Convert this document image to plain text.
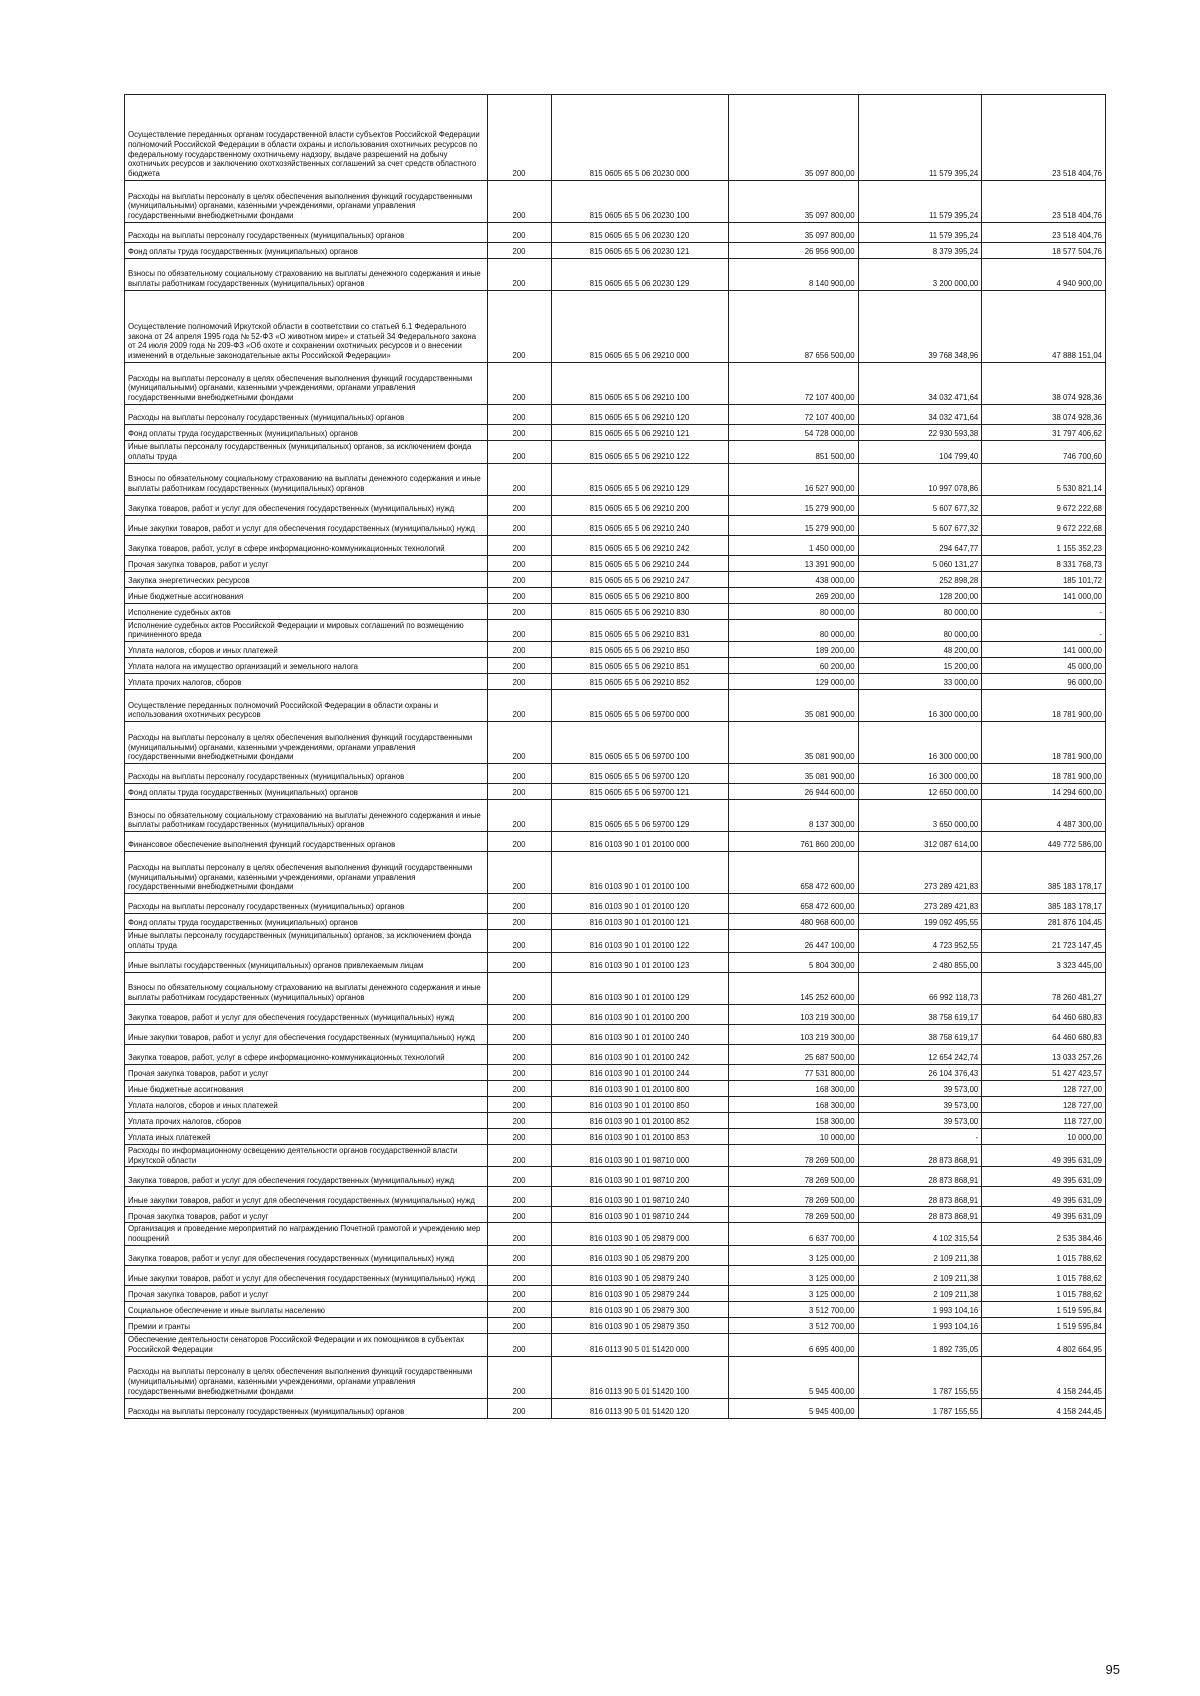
Осуществление переданных органам государственной власти субъектов Российской Федерации полномочий Российской Федерации в области охраны и использования охотничьих ресурсов по федеральному государственному охотничьему надзору, выдаче разрешений на добычу охотничьих ресурсов и заключению охотхозяйственных соглашений за счет средств областного бюджета	200	815 0605 65 5 06 20230 000	35 097 800,00	11 579 395,24	23 518 404,76
Расходы на выплаты персоналу в целях обеспечения выполнения функций государственными (муниципальными) органами, казенными учреждениями, органами управления государственными внебюджетными фондами	200	815 0605 65 5 06 20230 100	35 097 800,00	11 579 395,24	23 518 404,76
Расходы на выплаты персоналу государственных (муниципальных) органов	200	815 0605 65 5 06 20230 120	35 097 800,00	11 579 395,24	23 518 404,76
Фонд оплаты труда государственных (муниципальных) органов	200	815 0605 65 5 06 20230 121	26 956 900,00	8 379 395,24	18 577 504,76
Взносы по обязательному социальному страхованию на выплаты денежного содержания и иные выплаты работникам государственных (муниципальных) органов	200	815 0605 65 5 06 20230 129	8 140 900,00	3 200 000,00	4 940 900,00
Осуществление полномочий Иркутской области в соответствии со статьей 6.1 Федерального закона от 24 апреля 1995 года № 52-ФЗ «О животном мире» и статьей 34 Федерального закона от 24 июля 2009 года № 209-ФЗ «Об охоте и сохранении охотничьих ресурсов и о внесении изменений в отдельные законодательные акты Российской Федерации»	200	815 0605 65 5 06 29210 000	87 656 500,00	39 768 348,96	47 888 151,04
Расходы на выплаты персоналу в целях обеспечения выполнения функций государственными (муниципальными) органами, казенными учреждениями, органами управления государственными внебюджетными фондами	200	815 0605 65 5 06 29210 100	72 107 400,00	34 032 471,64	38 074 928,36
Расходы на выплаты персоналу государственных (муниципальных) органов	200	815 0605 65 5 06 29210 120	72 107 400,00	34 032 471,64	38 074 928,36
Фонд оплаты труда государственных (муниципальных) органов	200	815 0605 65 5 06 29210 121	54 728 000,00	22 930 593,38	31 797 406,62
Иные выплаты персоналу государственных (муниципальных) органов, за исключением фонда оплаты труда	200	815 0605 65 5 06 29210 122	851 500,00	104 799,40	746 700,60
Взносы по обязательному социальному страхованию на выплаты денежного содержания и иные выплаты работникам государственных (муниципальных) органов	200	815 0605 65 5 06 29210 129	16 527 900,00	10 997 078,86	5 530 821,14
Закупка товаров, работ и услуг для обеспечения государственных (муниципальных) нужд	200	815 0605 65 5 06 29210 200	15 279 900,00	5 607 677,32	9 672 222,68
Иные закупки товаров, работ и услуг для обеспечения государственных (муниципальных) нужд	200	815 0605 65 5 06 29210 240	15 279 900,00	5 607 677,32	9 672 222,68
Закупка товаров, работ, услуг в сфере информационно-коммуникационных технологий	200	815 0605 65 5 06 29210 242	1 450 000,00	294 647,77	1 155 352,23
Прочая закупка товаров, работ и услуг	200	815 0605 65 5 06 29210 244	13 391 900,00	5 060 131,27	8 331 768,73
Закупка энергетических ресурсов	200	815 0605 65 5 06 29210 247	438 000,00	252 898,28	185 101,72
Иные бюджетные ассигнования	200	815 0605 65 5 06 29210 800	269 200,00	128 200,00	141 000,00
Исполнение судебных актов	200	815 0605 65 5 06 29210 830	80 000,00	80 000,00	-
Исполнение судебных актов Российской Федерации и мировых соглашений по возмещению причиненного вреда	200	815 0605 65 5 06 29210 831	80 000,00	80 000,00	-
Уплата налогов, сборов и иных платежей	200	815 0605 65 5 06 29210 850	189 200,00	48 200,00	141 000,00
Уплата налога на имущество организаций и земельного налога	200	815 0605 65 5 06 29210 851	60 200,00	15 200,00	45 000,00
Уплата прочих налогов, сборов	200	815 0605 65 5 06 29210 852	129 000,00	33 000,00	96 000,00
Осуществление переданных полномочий Российской Федерации в области охраны и использования охотничьих ресурсов	200	815 0605 65 5 06 59700 000	35 081 900,00	16 300 000,00	18 781 900,00
Расходы на выплаты персоналу в целях обеспечения выполнения функций государственными (муниципальными) органами, казенными учреждениями, органами управления государственными внебюджетными фондами	200	815 0605 65 5 06 59700 100	35 081 900,00	16 300 000,00	18 781 900,00
Расходы на выплаты персоналу государственных (муниципальных) органов	200	815 0605 65 5 06 59700 120	35 081 900,00	16 300 000,00	18 781 900,00
Фонд оплаты труда государственных (муниципальных) органов	200	815 0605 65 5 06 59700 121	26 944 600,00	12 650 000,00	14 294 600,00
Взносы по обязательному социальному страхованию на выплаты денежного содержания и иные выплаты работникам государственных (муниципальных) органов	200	815 0605 65 5 06 59700 129	8 137 300,00	3 650 000,00	4 487 300,00
Финансовое обеспечение выполнения функций государственных органов	200	816 0103 90 1 01 20100 000	761 860 200,00	312 087 614,00	449 772 586,00
Расходы на выплаты персоналу в целях обеспечения выполнения функций государственными (муниципальными) органами, казенными учреждениями, органами управления государственными внебюджетными фондами	200	816 0103 90 1 01 20100 100	658 472 600,00	273 289 421,83	385 183 178,17
Расходы на выплаты персоналу государственных (муниципальных) органов	200	816 0103 90 1 01 20100 120	658 472 600,00	273 289 421,83	385 183 178,17
Фонд оплаты труда государственных (муниципальных) органов	200	816 0103 90 1 01 20100 121	480 968 600,00	199 092 495,55	281 876 104,45
Иные выплаты персоналу государственных (муниципальных) органов, за исключением фонда оплаты труда	200	816 0103 90 1 01 20100 122	26 447 100,00	4 723 952,55	21 723 147,45
Иные выплаты государственных (муниципальных) органов привлекаемым лицам	200	816 0103 90 1 01 20100 123	5 804 300,00	2 480 855,00	3 323 445,00
Взносы по обязательному социальному страхованию на выплаты денежного содержания и иные выплаты работникам государственных (муниципальных) органов	200	816 0103 90 1 01 20100 129	145 252 600,00	66 992 118,73	78 260 481,27
Закупка товаров, работ и услуг для обеспечения государственных (муниципальных) нужд	200	816 0103 90 1 01 20100 200	103 219 300,00	38 758 619,17	64 460 680,83
Иные закупки товаров, работ и услуг для обеспечения государственных (муниципальных) нужд	200	816 0103 90 1 01 20100 240	103 219 300,00	38 758 619,17	64 460 680,83
Закупка товаров, работ, услуг в сфере информационно-коммуникационных технологий	200	816 0103 90 1 01 20100 242	25 687 500,00	12 654 242,74	13 033 257,26
Прочая закупка товаров, работ и услуг	200	816 0103 90 1 01 20100 244	77 531 800,00	26 104 376,43	51 427 423,57
Иные бюджетные ассигнования	200	816 0103 90 1 01 20100 800	168 300,00	39 573,00	128 727,00
Уплата налогов, сборов и иных платежей	200	816 0103 90 1 01 20100 850	168 300,00	39 573,00	128 727,00
Уплата прочих налогов, сборов	200	816 0103 90 1 01 20100 852	158 300,00	39 573,00	118 727,00
Уплата иных платежей	200	816 0103 90 1 01 20100 853	10 000,00	-	10 000,00
Расходы по информационному освещению деятельности органов государственной власти Иркутской области	200	816 0103 90 1 01 98710 000	78 269 500,00	28 873 868,91	49 395 631,09
Закупка товаров, работ и услуг для обеспечения государственных (муниципальных) нужд	200	816 0103 90 1 01 98710 200	78 269 500,00	28 873 868,91	49 395 631,09
Иные закупки товаров, работ и услуг для обеспечения государственных (муниципальных) нужд	200	816 0103 90 1 01 98710 240	78 269 500,00	28 873 868,91	49 395 631,09
Прочая закупка товаров, работ и услуг	200	816 0103 90 1 01 98710 244	78 269 500,00	28 873 868,91	49 395 631,09
Организация и проведение мероприятий по награждению Почетной грамотой и учреждению мер поощрений	200	816 0103 90 1 05 29879 000	6 637 700,00	4 102 315,54	2 535 384,46
Закупка товаров, работ и услуг для обеспечения государственных (муниципальных) нужд	200	816 0103 90 1 05 29879 200	3 125 000,00	2 109 211,38	1 015 788,62
Иные закупки товаров, работ и услуг для обеспечения государственных (муниципальных) нужд	200	816 0103 90 1 05 29879 240	3 125 000,00	2 109 211,38	1 015 788,62
Прочая закупка товаров, работ и услуг	200	816 0103 90 1 05 29879 244	3 125 000,00	2 109 211,38	1 015 788,62
Социальное обеспечение и иные выплаты населению	200	816 0103 90 1 05 29879 300	3 512 700,00	1 993 104,16	1 519 595,84
Премии и гранты	200	816 0103 90 1 05 29879 350	3 512 700,00	1 993 104,16	1 519 595,84
Обеспечение деятельности сенаторов Российской Федерации и их помощников в субъектах Российской Федерации	200	816 0113 90 5 01 51420 000	6 695 400,00	1 892 735,05	4 802 664,95
Расходы на выплаты персоналу в целях обеспечения выполнения функций государственными (муниципальными) органами, казенными учреждениями, органами управления государственными внебюджетными фондами	200	816 0113 90 5 01 51420 100	5 945 400,00	1 787 155,55	4 158 244,45
Расходы на выплаты персоналу государственных (муниципальных) органов	200	816 0113 90 5 01 51420 120	5 945 400,00	1 787 155,55	4 158 244,45
95
